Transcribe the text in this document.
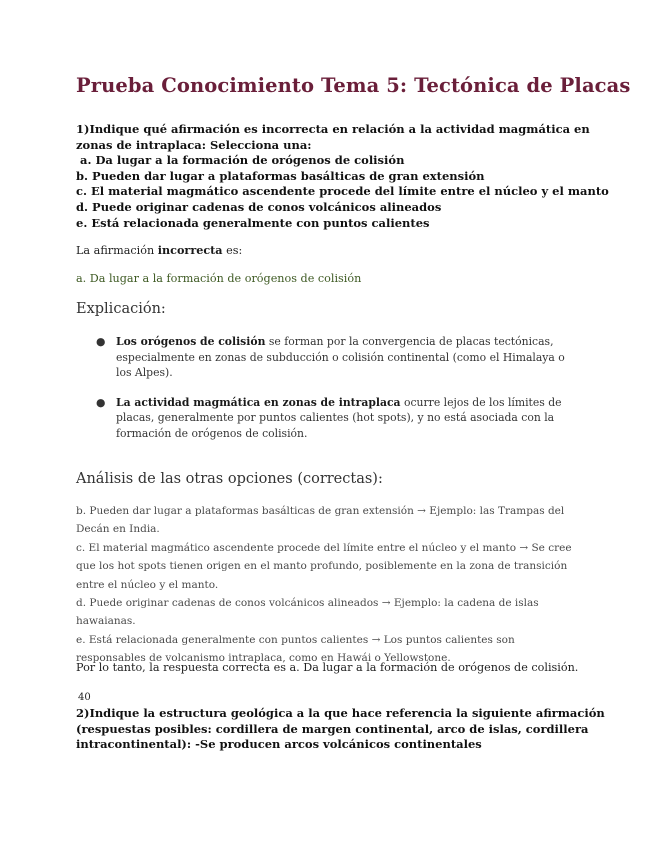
Prueba Conocimiento Tema 5: Tectónica de Placas
1)Indique qué afirmación es incorrecta en relación a la actividad magmática en
zonas de intraplaca: Selecciona una:
a. Da lugar a la formación de orógenos de colisión
b. Pueden dar lugar a plataformas basálticas de gran extensión
c. El material magmático ascendente procede del límite entre el núcleo y el manto
d. Puede originar cadenas de conos volcánicos alineados
e. Está relacionada generalmente con puntos calientes
La afirmación incorrecta es:
a. Da lugar a la formación de orógenos de colisión
Explicación:
● Los orógenos de colisión se forman por la convergencia de placas tectónicas, especialmente en zonas de subducción o colisión continental (como el Himalaya o los Alpes).
● La actividad magmática en zonas de intraplaca ocurre lejos de los límites de placas, generalmente por puntos calientes (hot spots), y no está asociada con la formación de orógenos de colisión.
Análisis de las otras opciones (correctas):

b. Pueden dar lugar a plataformas basálticas de gran extensión → Ejemplo: las Trampas del Decán en India.

c. El material magmático ascendente procede del límite entre el núcleo y el manto → Se cree que los hot spots tienen origen en el manto profundo, posiblemente en la zona de transición entre el núcleo y el manto.

d. Puede originar cadenas de conos volcánicos alineados → Ejemplo: la cadena de islas hawaianas.

e. Está relacionada generalmente con puntos calientes → Los puntos calientes son responsables de volcanismo intraplaca, como en Hawái o Yellowstone.

Por lo tanto, la respuesta correcta es a. Da lugar a la formación de orógenos de colisión.
40
2)Indique la estructura geológica a la que hace referencia la siguiente afirmación
(respuestas posibles: cordillera de margen continental, arco de islas, cordillera
intracontinental): -Se producen arcos volcánicos continentales
